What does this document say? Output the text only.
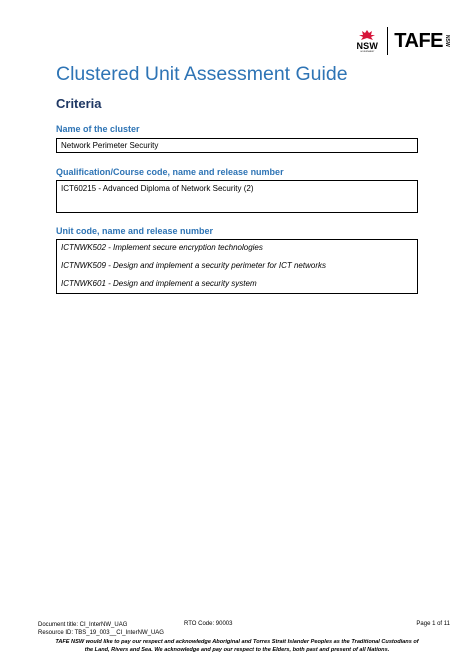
NSW
GOVERNMENT TAFE NSW
Clustered Unit Assessment Guide
Criteria
Name of the cluster
Network Perimeter Security
Qualification/Course code, name and release number
ICT60215 - Advanced Diploma of Network Security (2)
Unit code, name and release number
ICTNWK502 - Implement secure encryption technologies
ICTNWK509 - Design and implement a security perimeter for ICT networks
ICTNWK601 - Design and implement a security system
Document title: CI_InterNW_UAG
Resource ID: TBS_19_003__CI_InterNW_UAG
RTO Code: 90003	Page 1 of 11
TAFE NSW would like to pay our respect and acknowledge Aboriginal and Torres Strait Islander Peoples as the Traditional Custodians of
the Land, Rivers and Sea. We acknowledge and pay our respect to the Elders, both past and present of all Nations.
